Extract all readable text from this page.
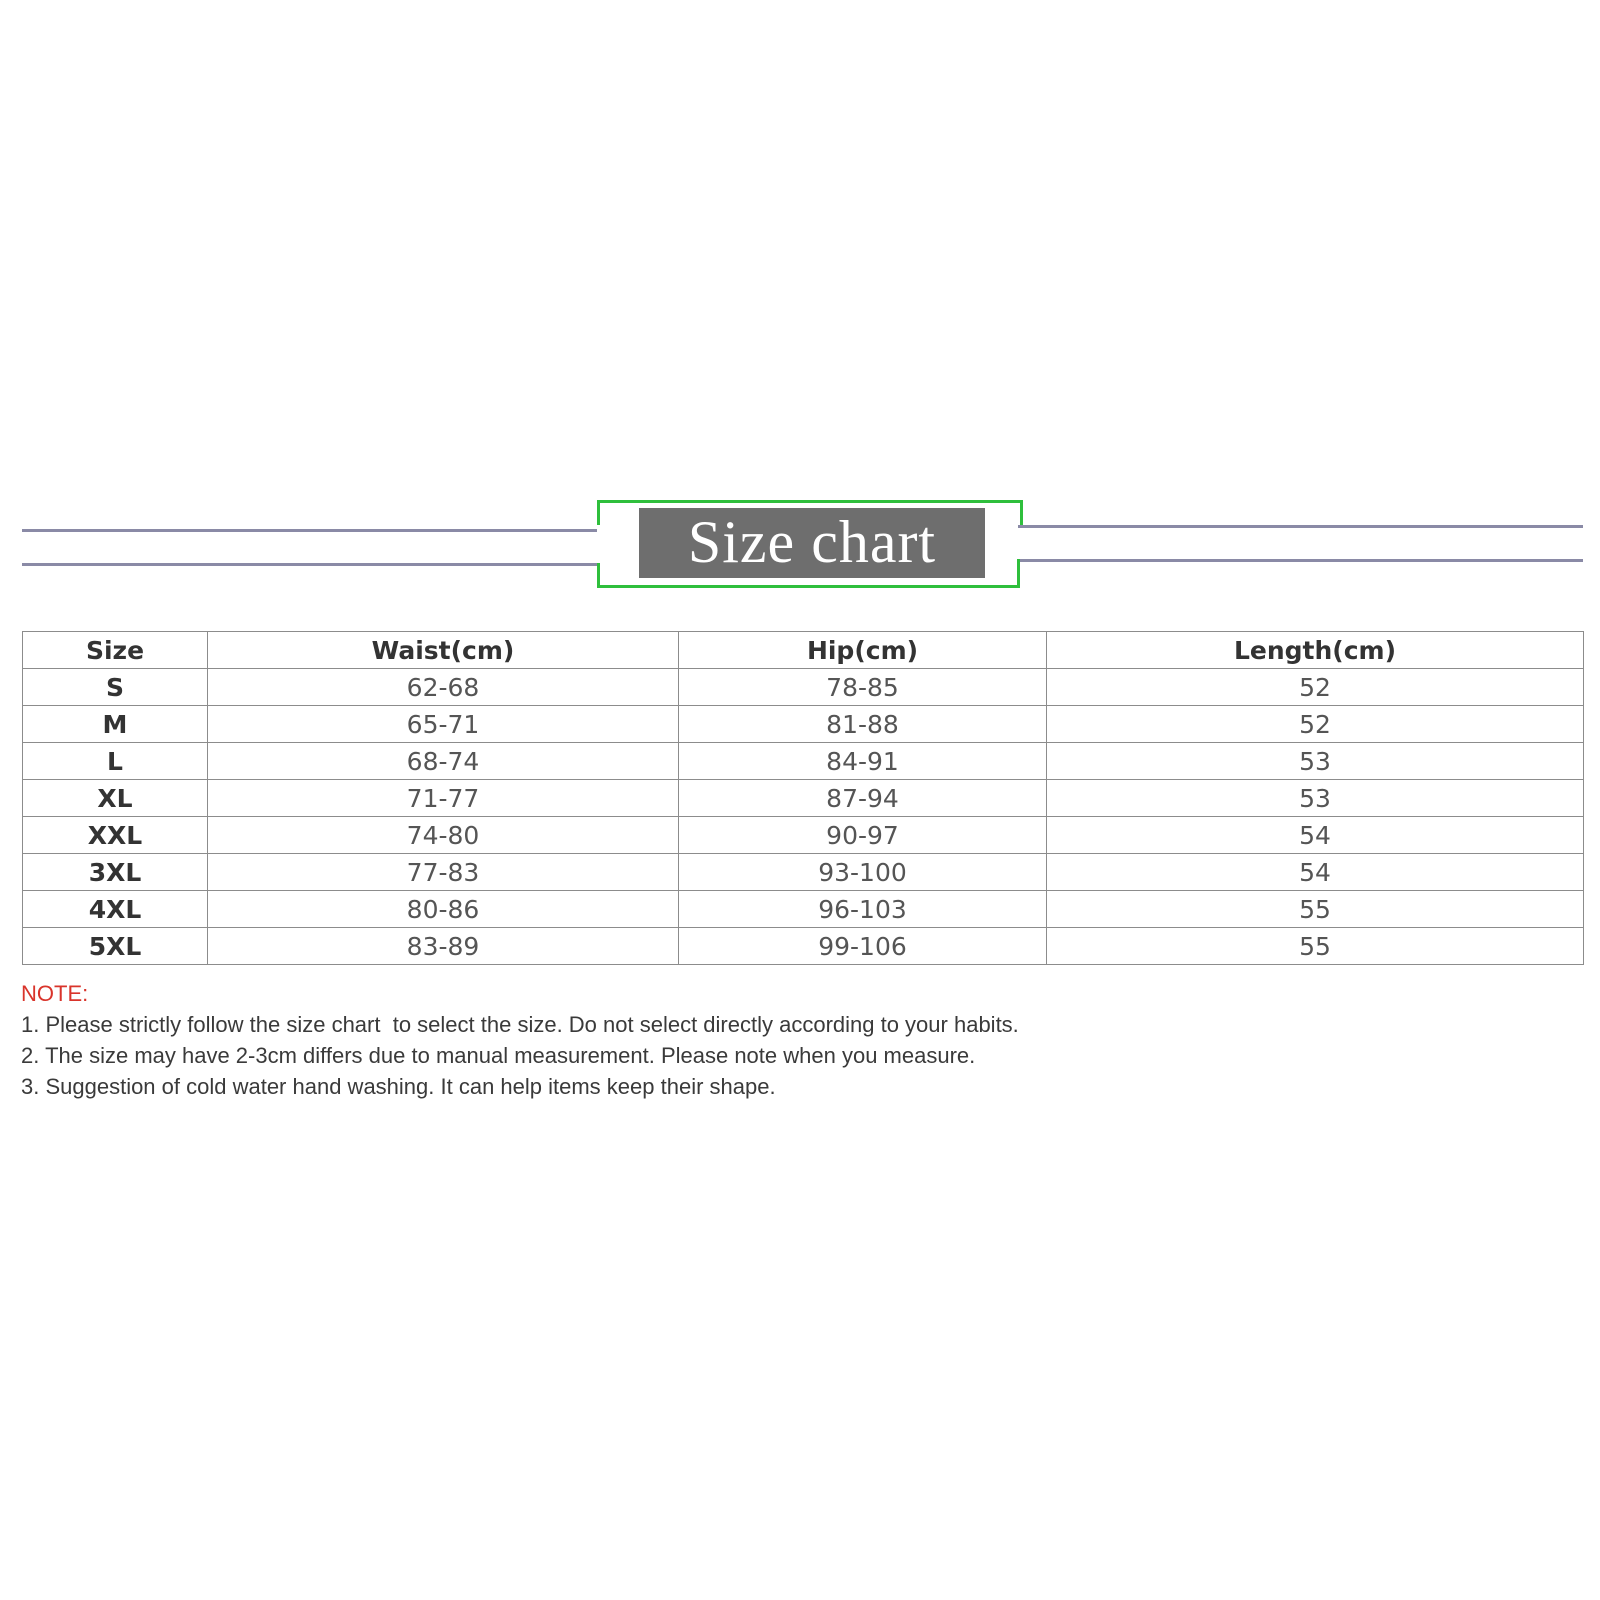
Size chart
Size	Waist(cm)	Hip(cm)	Length(cm)
S	62-68	78-85	52
M	65-71	81-88	52
L	68-74	84-91	53
XL	71-77	87-94	53
XXL	74-80	90-97	54
3XL	77-83	93-100	54
4XL	80-86	96-103	55
5XL	83-89	99-106	55
NOTE:
1. Please strictly follow the size chart  to select the size. Do not select directly according to your habits.
2. The size may have 2-3cm differs due to manual measurement. Please note when you measure.
3. Suggestion of cold water hand washing. It can help items keep their shape.
